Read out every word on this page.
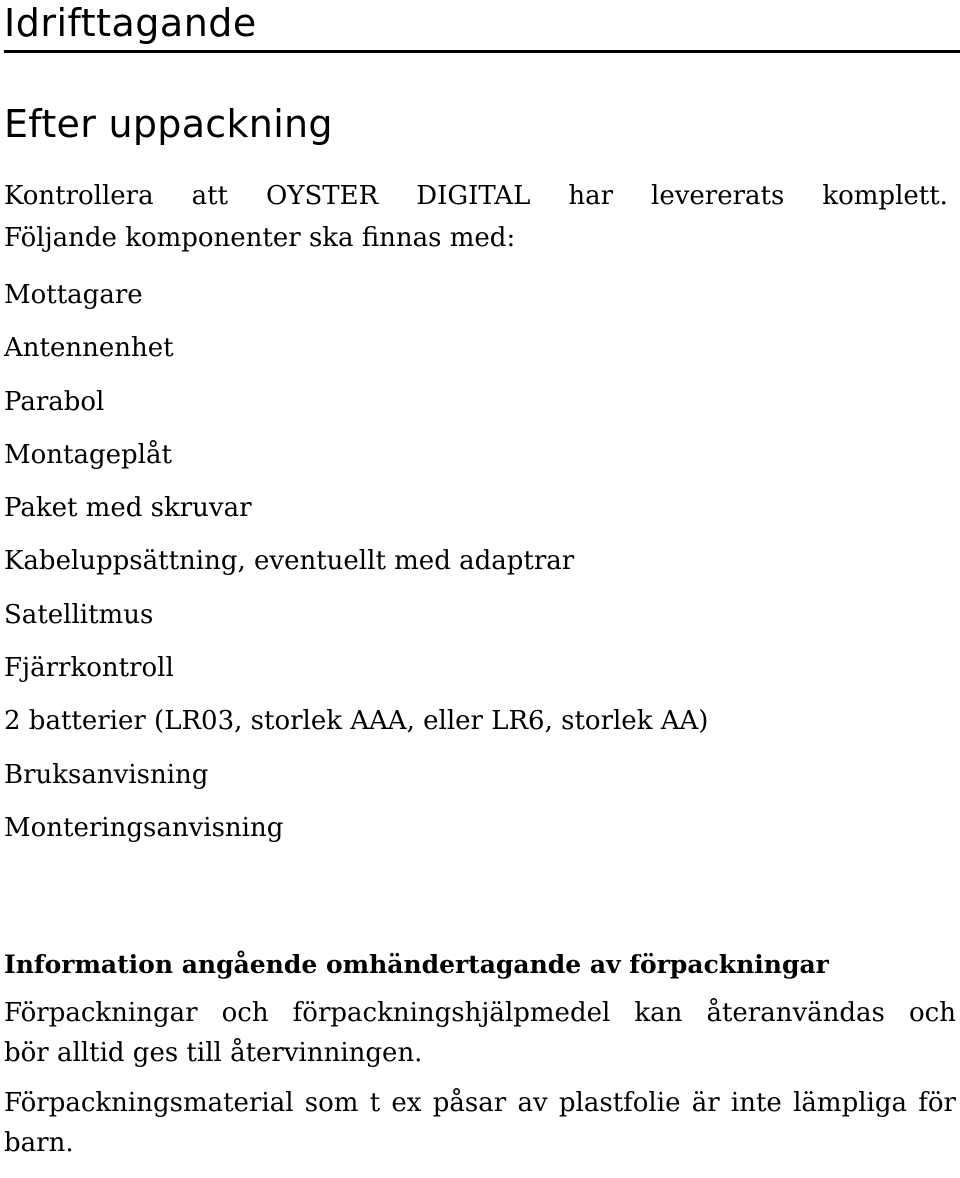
Idrifttagande
Efter uppackning
Kontrollera att OYSTER DIGITAL har levererats komplett.
Följande komponenter ska finnas med:
Mottagare
Antennenhet
Parabol
Montageplåt
Paket med skruvar
Kabeluppsättning, eventuellt med adaptrar
Satellitmus
Fjärrkontroll
2 batterier (LR03, storlek AAA, eller LR6, storlek AA)
Bruksanvisning
Monteringsanvisning
Information angående omhändertagande av förpackningar
Förpackningar och förpackningshjälpmedel kan återanvändas och
bör alltid ges till återvinningen.
Förpackningsmaterial som t ex påsar av plastfolie är inte lämpliga för
barn.
